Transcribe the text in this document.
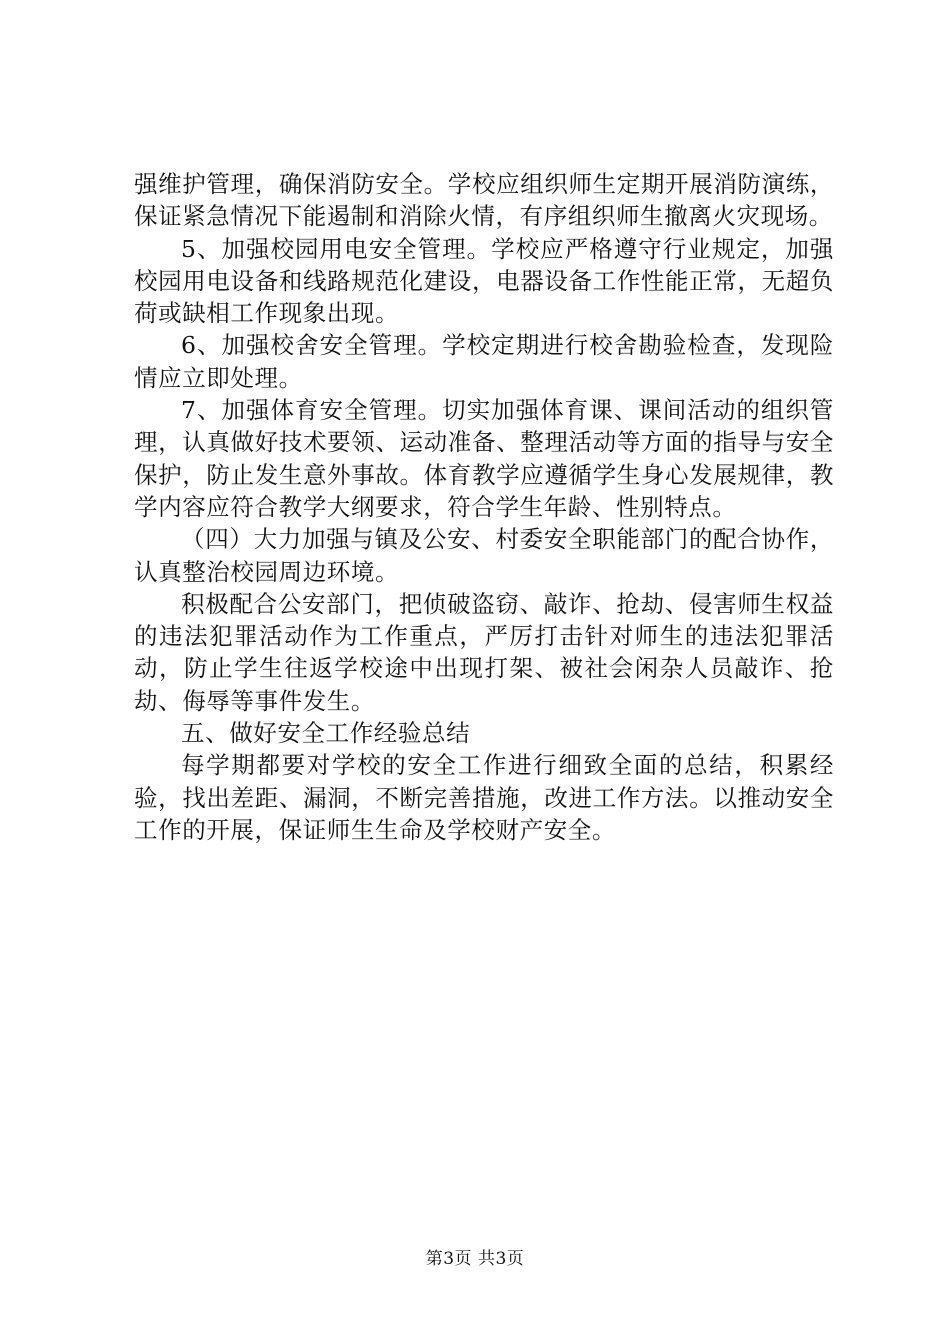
强维护管理，确保消防安全。学校应组织师生定期开展消防演练，保证紧急情况下能遏制和消除火情，有序组织师生撤离火灾现场。

5、加强校园用电安全管理。学校应严格遵守行业规定，加强校园用电设备和线路规范化建设，电器设备工作性能正常，无超负荷或缺相工作现象出现。

6、加强校舍安全管理。学校定期进行校舍勘验检查，发现险情应立即处理。

7、加强体育安全管理。切实加强体育课、课间活动的组织管理，认真做好技术要领、运动准备、整理活动等方面的指导与安全保护，防止发生意外事故。体育教学应遵循学生身心发展规律，教学内容应符合教学大纲要求，符合学生年龄、性别特点。

（四）大力加强与镇及公安、村委安全职能部门的配合协作，认真整治校园周边环境。

积极配合公安部门，把侦破盗窃、敲诈、抢劫、侵害师生权益的违法犯罪活动作为工作重点，严厉打击针对师生的违法犯罪活动，防止学生往返学校途中出现打架、被社会闲杂人员敲诈、抢劫、侮辱等事件发生。

五、做好安全工作经验总结

每学期都要对学校的安全工作进行细致全面的总结，积累经验，找出差距、漏洞，不断完善措施，改进工作方法。以推动安全工作的开展，保证师生生命及学校财产安全。

第3页 共3页
